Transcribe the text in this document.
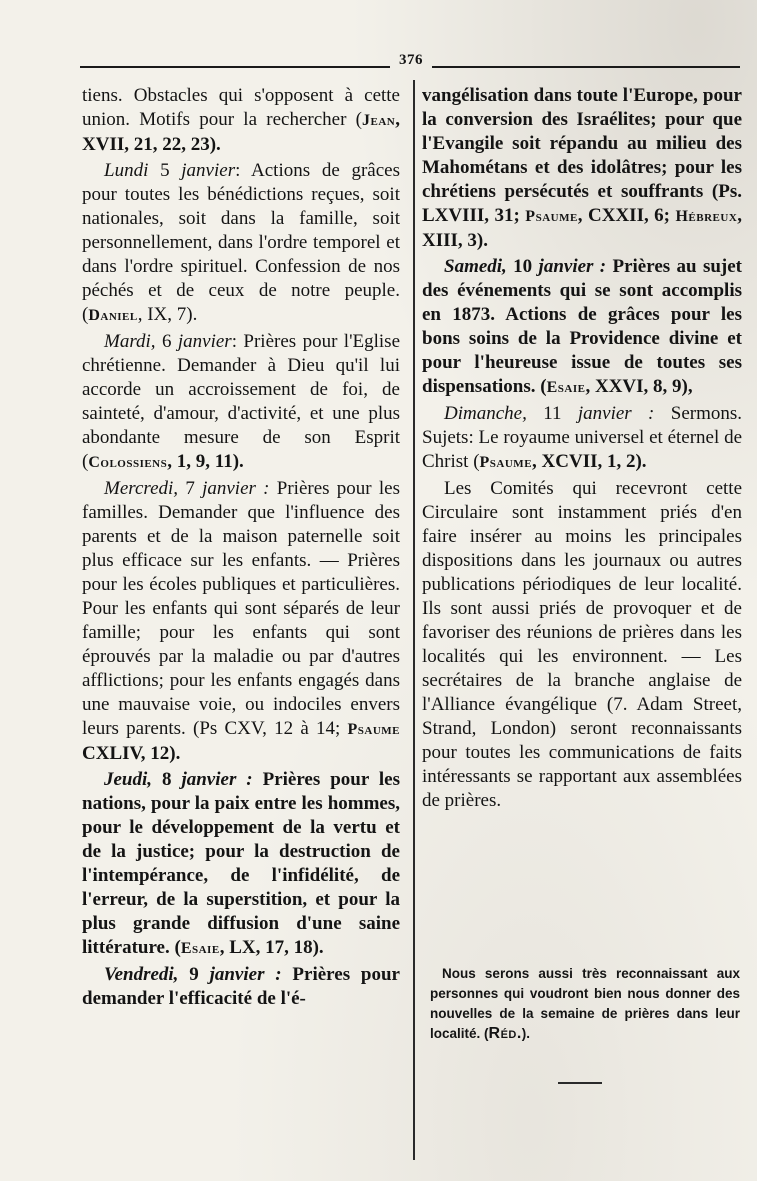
376

tiens. Obstacles qui s'opposent à cette union. Motifs pour la rechercher (Jean, XVII, 21, 22, 23).

Lundi 5 janvier: Actions de grâces pour toutes les bénédictions reçues, soit nationales, soit dans la famille, soit personnellement, dans l'ordre temporel et dans l'ordre spirituel. Confession de nos péchés et de ceux de notre peuple. (Daniel, IX, 7).

Mardi, 6 janvier: Prières pour l'Eglise chrétienne. Demander à Dieu qu'il lui accorde un accroissement de foi, de sainteté, d'amour, d'activité, et une plus abondante mesure de son Esprit (Colossiens, 1, 9, 11).

Mercredi, 7 janvier : Prières pour les familles. Demander que l'influence des parents et de la maison paternelle soit plus efficace sur les enfants. — Prières pour les écoles publiques et particulières. Pour les enfants qui sont séparés de leur famille; pour les enfants qui sont éprouvés par la maladie ou par d'autres afflictions; pour les enfants engagés dans une mauvaise voie, ou indociles envers leurs parents. (Ps CXV, 12 à 14; Psaume CXLIV, 12).

Jeudi, 8 janvier : Prières pour les nations, pour la paix entre les hommes, pour le développement de la vertu et de la justice; pour la destruction de l'intempérance, de l'infidélité, de l'erreur, de la superstition, et pour la plus grande diffusion d'une saine littérature. (Esaie, LX, 17, 18).

Vendredi, 9 janvier : Prières pour demander l'efficacité de l'é-

vangélisation dans toute l'Europe, pour la conversion des Israélites; pour que l'Evangile soit répandu au milieu des Mahométans et des idolâtres; pour les chrétiens persécutés et souffrants (Ps. LXVIII, 31; Psaume, CXXII, 6; Hébreux, XIII, 3).

Samedi, 10 janvier : Prières au sujet des événements qui se sont accomplis en 1873. Actions de grâces pour les bons soins de la Providence divine et pour l'heureuse issue de toutes ses dispensations. (Esaie, XXVI, 8, 9),

Dimanche, 11 janvier : Sermons. Sujets: Le royaume universel et éternel de Christ (Psaume, XCVII, 1, 2).

Les Comités qui recevront cette Circulaire sont instamment priés d'en faire insérer au moins les principales dispositions dans les journaux ou autres publications périodiques de leur localité. Ils sont aussi priés de provoquer et de favoriser des réunions de prières dans les localités qui les environnent. — Les secrétaires de la branche anglaise de l'Alliance évangélique (7. Adam Street, Strand, London) seront reconnaissants pour toutes les communications de faits intéressants se rapportant aux assemblées de prières.

Nous serons aussi très reconnaissant aux personnes qui voudront bien nous donner des nouvelles de la semaine de prières dans leur localité. (Réd.).
